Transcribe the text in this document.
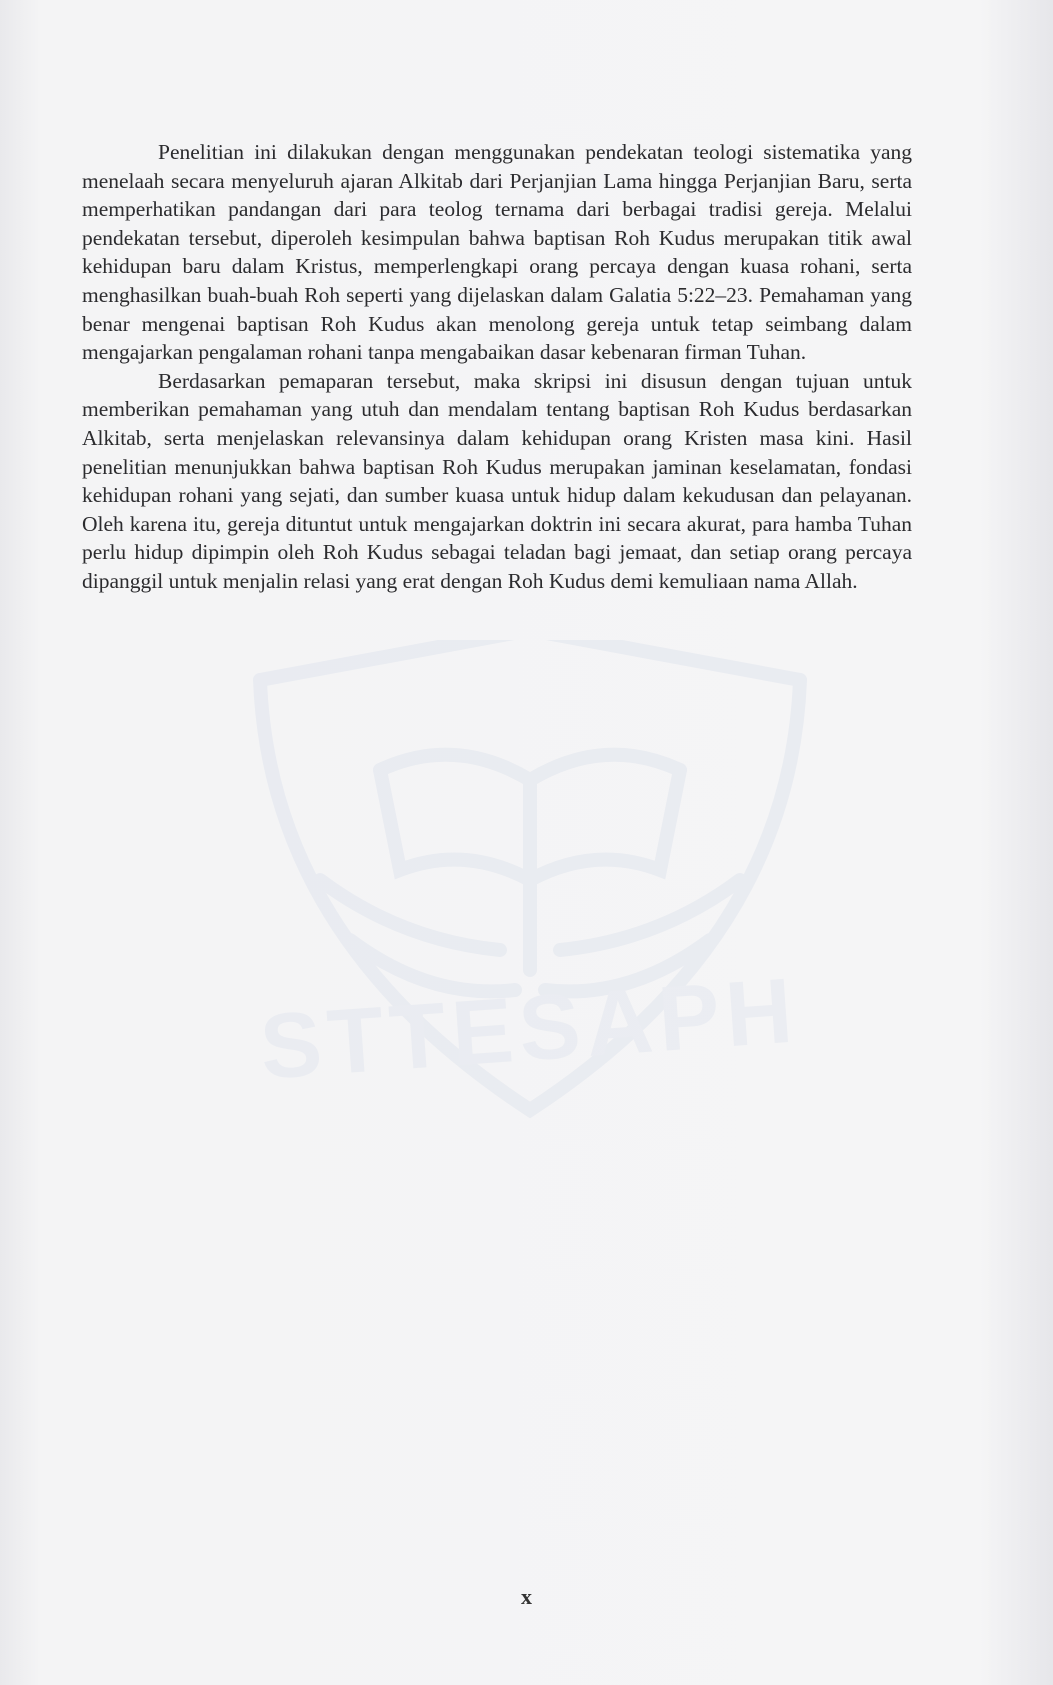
STTESAPH

Penelitian ini dilakukan dengan menggunakan pendekatan teologi sistematika yang menelaah secara menyeluruh ajaran Alkitab dari Perjanjian Lama hingga Perjanjian Baru, serta memperhatikan pandangan dari para teolog ternama dari berbagai tradisi gereja. Melalui pendekatan tersebut, diperoleh kesimpulan bahwa baptisan Roh Kudus merupakan titik awal kehidupan baru dalam Kristus, memperlengkapi orang percaya dengan kuasa rohani, serta menghasilkan buah-buah Roh seperti yang dijelaskan dalam Galatia 5:22–23. Pemahaman yang benar mengenai baptisan Roh Kudus akan menolong gereja untuk tetap seimbang dalam mengajarkan pengalaman rohani tanpa mengabaikan dasar kebenaran firman Tuhan.

Berdasarkan pemaparan tersebut, maka skripsi ini disusun dengan tujuan untuk memberikan pemahaman yang utuh dan mendalam tentang baptisan Roh Kudus berdasarkan Alkitab, serta menjelaskan relevansinya dalam kehidupan orang Kristen masa kini. Hasil penelitian menunjukkan bahwa baptisan Roh Kudus merupakan jaminan keselamatan, fondasi kehidupan rohani yang sejati, dan sumber kuasa untuk hidup dalam kekudusan dan pelayanan. Oleh karena itu, gereja dituntut untuk mengajarkan doktrin ini secara akurat, para hamba Tuhan perlu hidup dipimpin oleh Roh Kudus sebagai teladan bagi jemaat, dan setiap orang percaya dipanggil untuk menjalin relasi yang erat dengan Roh Kudus demi kemuliaan nama Allah.

x
